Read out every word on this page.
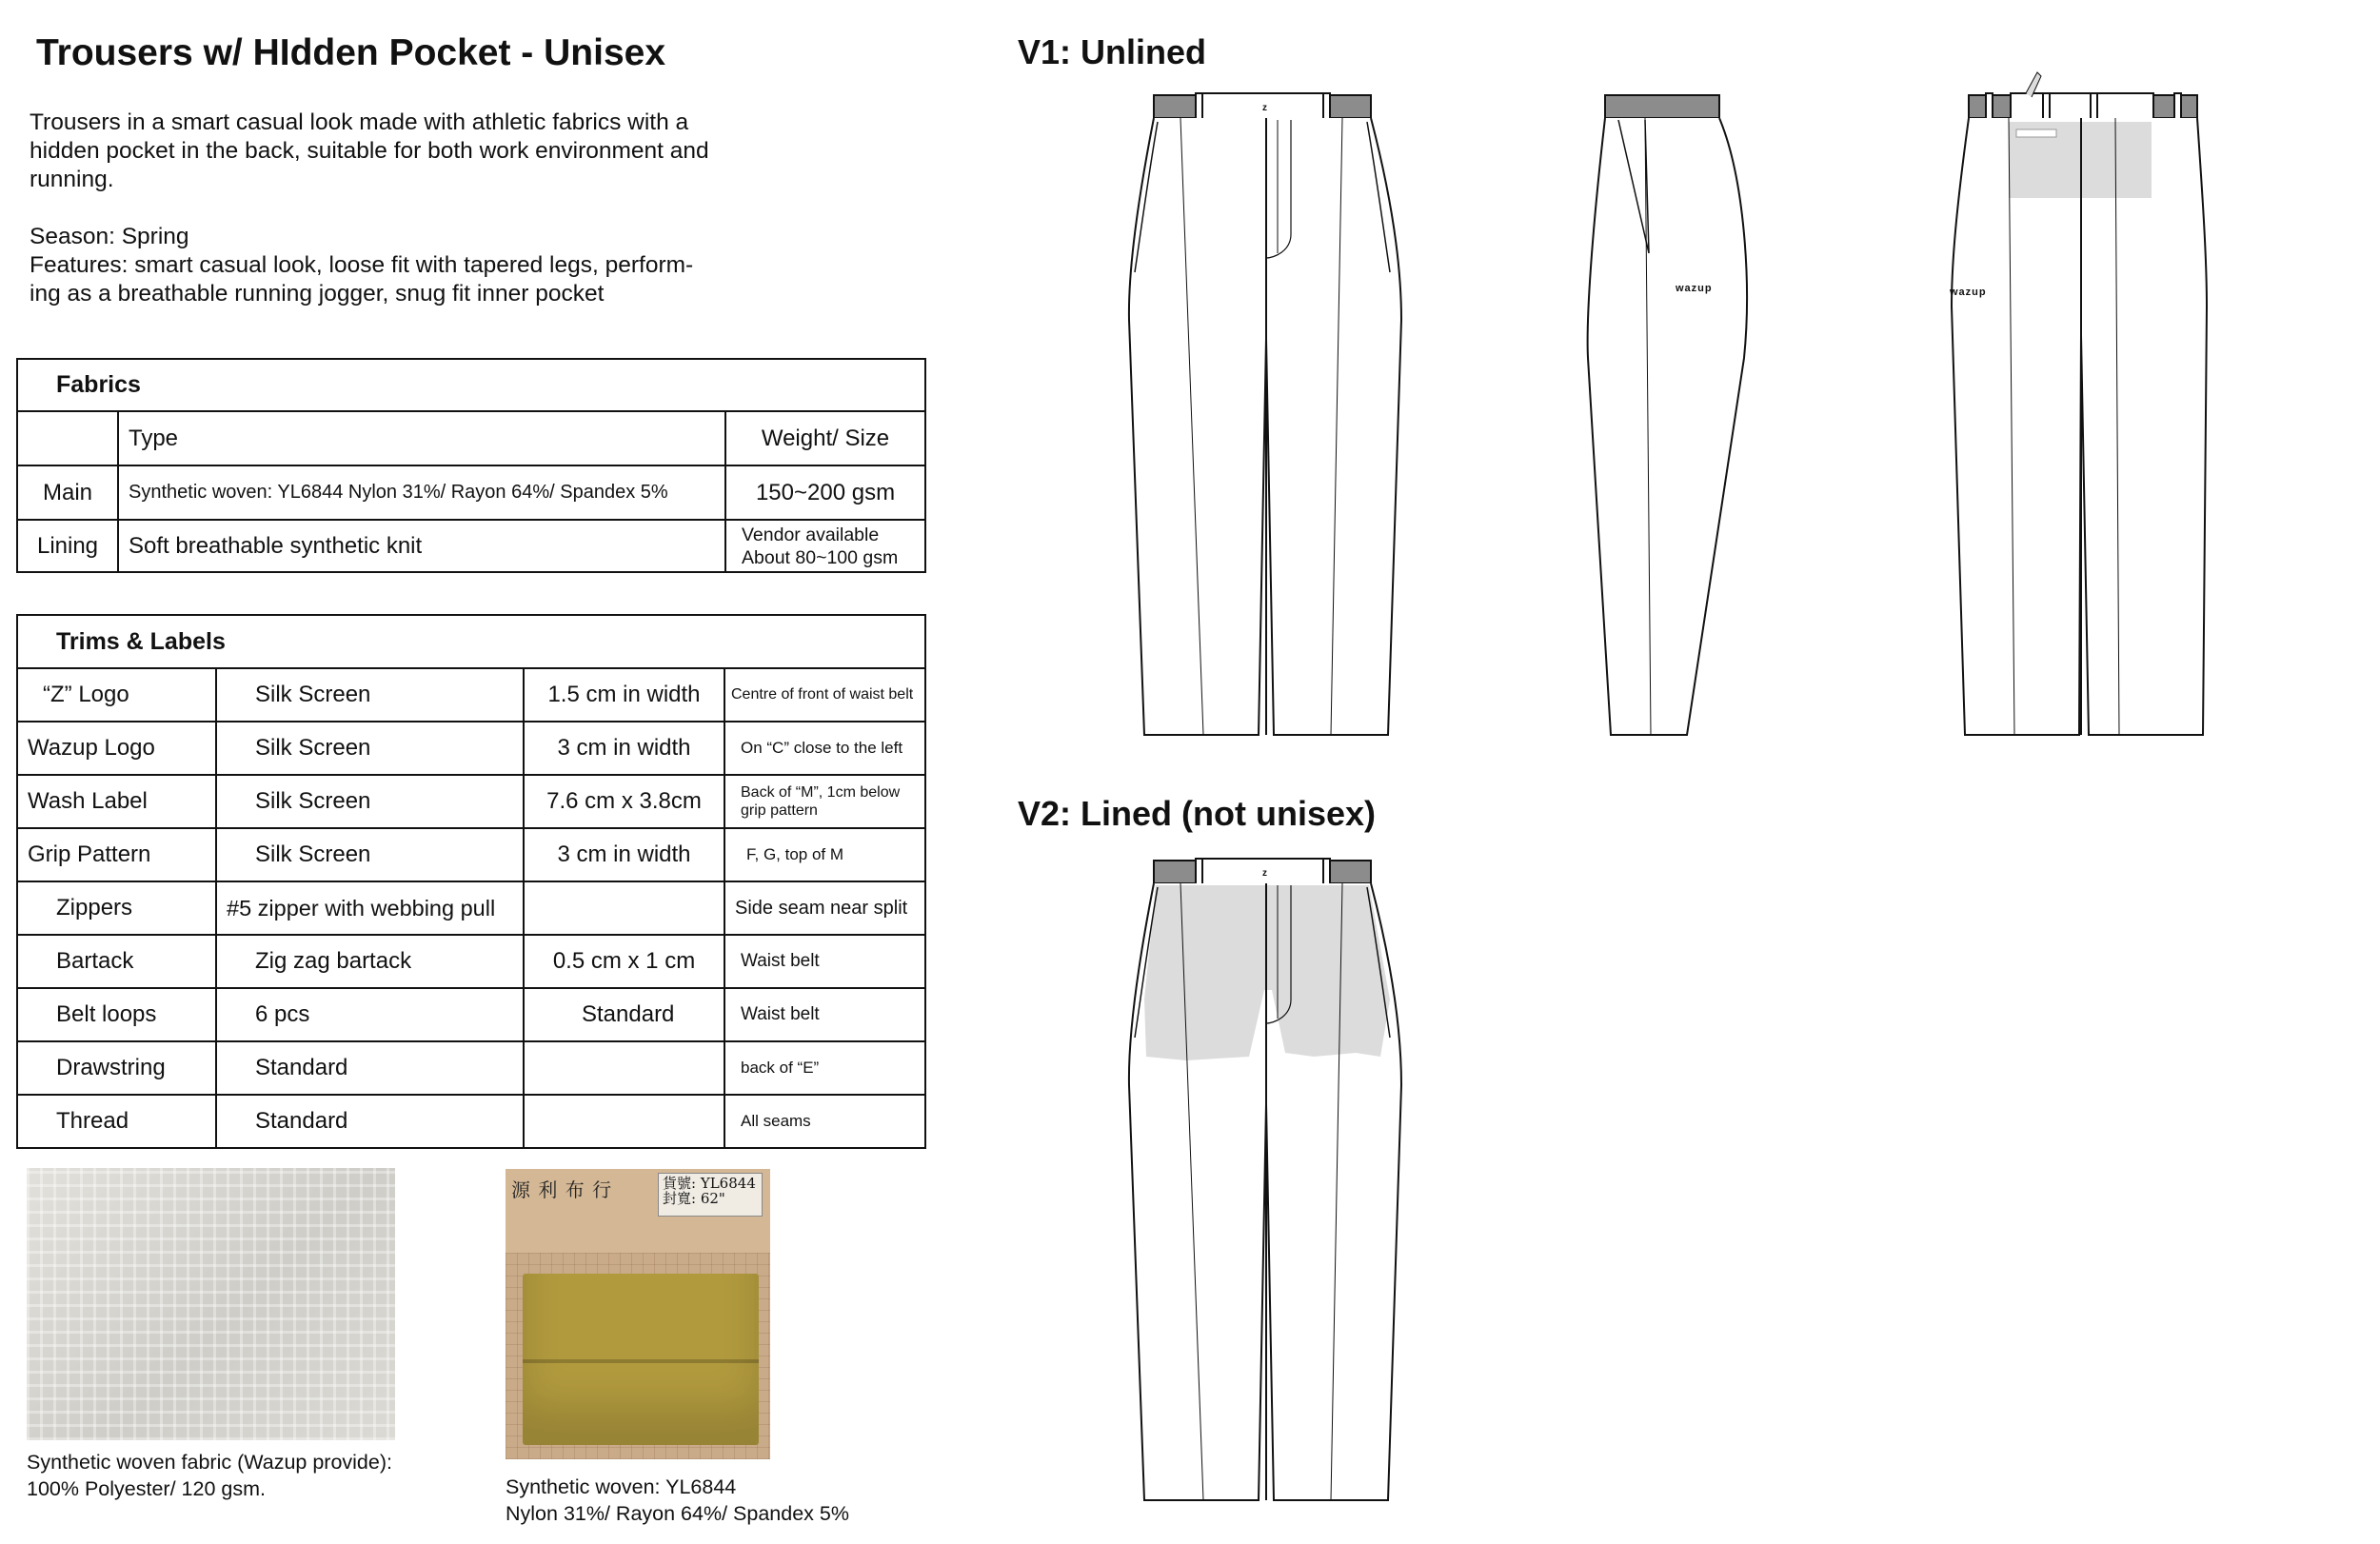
Trousers w/ HIdden Pocket - Unisex

Trousers in a smart casual look made with athletic fabrics with a hidden pocket in the back, suitable for both work environment and running.

Season: Spring

Features: smart casual look, loose fit with tapered legs, perform-ing as a breathable running jogger, snug fit inner pocket

Fabrics		
	Type	Weight/ Size
Main	Synthetic woven: YL6844 Nylon 31%/ Rayon 64%/ Spandex 5%	150~200 gsm
Lining	Soft breathable synthetic knit	Vendor available
About 80~100 gsm
Trims & Labels			
“Z” Logo	Silk Screen	1.5 cm in width	Centre of front of waist belt
Wazup Logo	Silk Screen	3 cm in width	On “C” close to the left
Wash Label	Silk Screen	7.6 cm x 3.8cm	Back of “M”, 1cm below grip pattern
Grip Pattern	Silk Screen	3 cm in width	F, G, top of M
Zippers	#5 zipper with webbing pull		Side seam near split
Bartack	Zig zag bartack	0.5 cm x 1 cm	Waist belt
Belt loops	6 pcs	Standard	Waist belt
Drawstring	Standard		back of “E”
Thread	Standard		All seams
Synthetic woven fabric (Wazup provide):
100% Polyester/ 120 gsm.
源 利 布 行	貨號: YL6844
封寬: 62"
Synthetic woven: YL6844
Nylon 31%/ Rayon 64%/ Spandex 5%
V1: Unlined
V2: Lined (not unisex)
z
wazup	wazup
z
